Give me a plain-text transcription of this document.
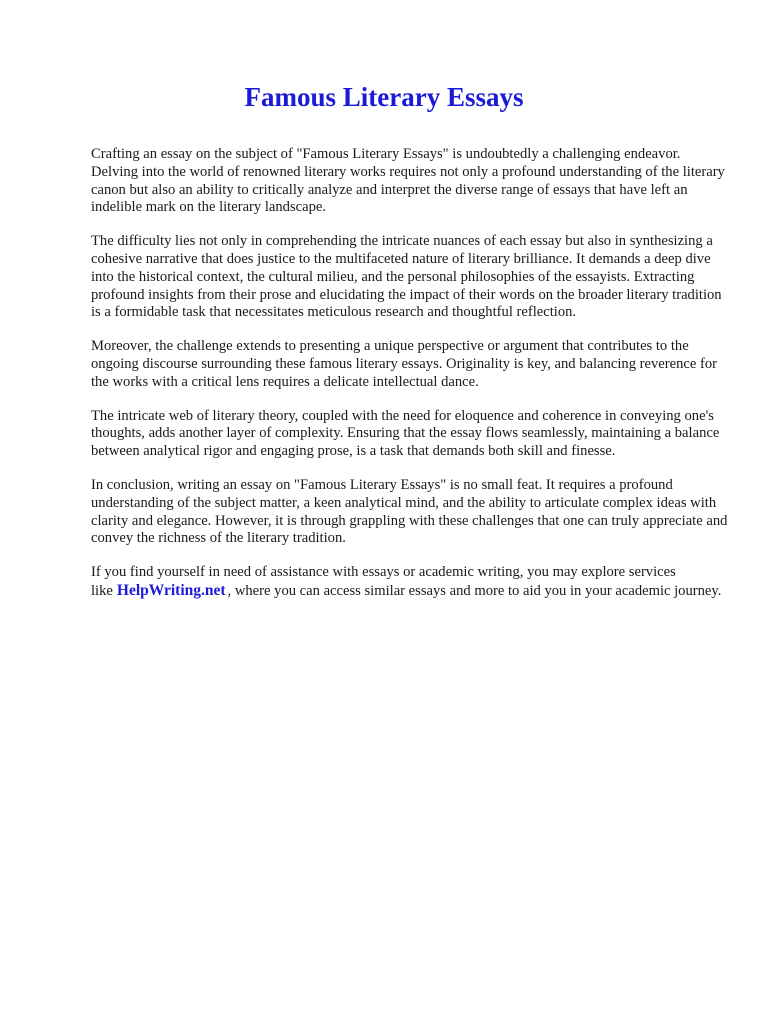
Famous Literary Essays

Crafting an essay on the subject of "Famous Literary Essays" is undoubtedly a challenging endeavor. Delving into the world of renowned literary works requires not only a profound understanding of the literary canon but also an ability to critically analyze and interpret the diverse range of essays that have left an indelible mark on the literary landscape.

The difficulty lies not only in comprehending the intricate nuances of each essay but also in synthesizing a cohesive narrative that does justice to the multifaceted nature of literary brilliance. It demands a deep dive into the historical context, the cultural milieu, and the personal philosophies of the essayists. Extracting profound insights from their prose and elucidating the impact of their words on the broader literary tradition is a formidable task that necessitates meticulous research and thoughtful reflection.

Moreover, the challenge extends to presenting a unique perspective or argument that contributes to the ongoing discourse surrounding these famous literary essays. Originality is key, and balancing reverence for the works with a critical lens requires a delicate intellectual dance.

The intricate web of literary theory, coupled with the need for eloquence and coherence in conveying one's thoughts, adds another layer of complexity. Ensuring that the essay flows seamlessly, maintaining a balance between analytical rigor and engaging prose, is a task that demands both skill and finesse.

In conclusion, writing an essay on "Famous Literary Essays" is no small feat. It requires a profound understanding of the subject matter, a keen analytical mind, and the ability to articulate complex ideas with clarity and elegance. However, it is through grappling with these challenges that one can truly appreciate and convey the richness of the literary tradition.

If you find yourself in need of assistance with essays or academic writing, you may explore services like HelpWriting.net , where you can access similar essays and more to aid you in your academic journey.
